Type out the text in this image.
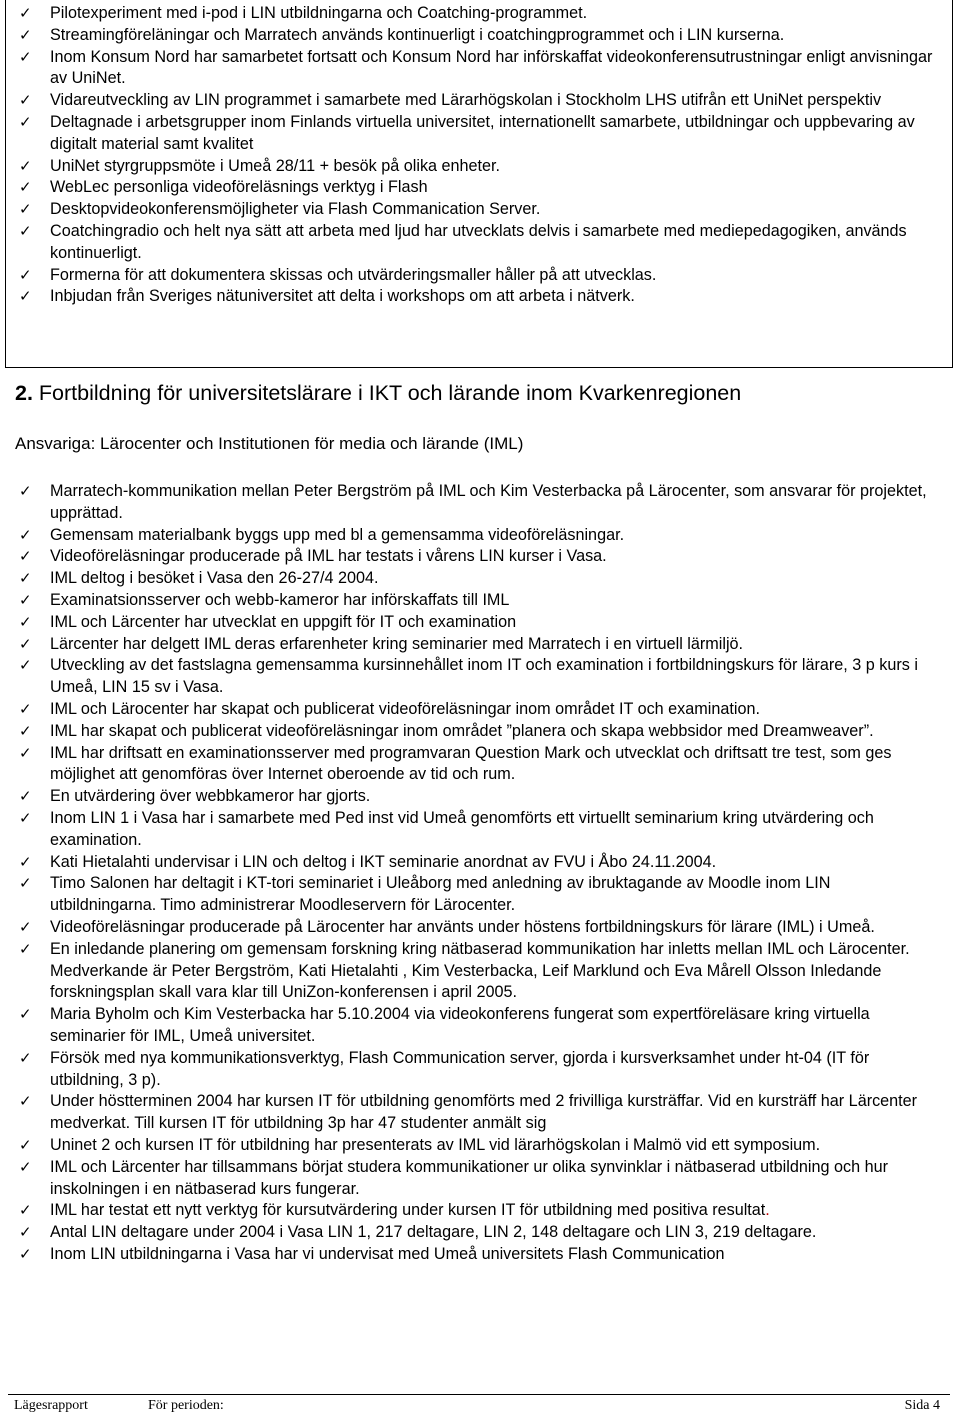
✓ Pilotexperiment med i-pod i LIN utbildningarna och Coatching-programmet.
✓ Streamingföreläningar och Marratech används kontinuerligt i coatchingprogrammet och i LIN kurserna.
✓ Inom Konsum Nord har samarbetet fortsatt och Konsum Nord har införskaffat videokonferensutrustningar enligt anvisningar av UniNet.
✓ Vidareutveckling av LIN programmet i samarbete med Lärarhögskolan i Stockholm LHS utifrån ett UniNet perspektiv
✓ Deltagnade i arbetsgrupper inom Finlands virtuella universitet, internationellt samarbete, utbildningar och uppbevaring av digitalt material samt kvalitet
✓ UniNet styrgruppsmöte i Umeå 28/11 + besök på olika enheter.
✓ WebLec personliga videoföreläsnings verktyg i Flash
✓ Desktopvideokonferensmöjligheter via Flash Commanication Server.
✓ Coatchingradio och helt nya sätt att arbeta med ljud har utvecklats delvis i samarbete med mediepedagogiken, används kontinuerligt.
✓ Formerna för att dokumentera skissas och utvärderingsmaller håller på att utvecklas.
✓ Inbjudan från Sveriges nätuniversitet att delta i workshops om att arbeta i nätverk.
2. Fortbildning för universitetslärare i IKT och lärande inom Kvarkenregionen
Ansvariga: Lärocenter och Institutionen för media och lärande (IML)
✓ Marratech-kommunikation mellan Peter Bergström på IML och Kim Vesterbacka på Lärocenter, som ansvarar för projektet, upprättad.
✓ Gemensam materialbank byggs upp med bl a gemensamma videoföreläsningar.
✓ Videoföreläsningar producerade på IML har testats i vårens LIN kurser i Vasa.
✓ IML deltog i besöket i Vasa den 26-27/4 2004.
✓ Examinatsionsserver och webb-kameror har införskaffats till IML
✓ IML och Lärcenter har utvecklat en uppgift för IT och examination
✓ Lärcenter har delgett IML deras erfarenheter kring seminarier med Marratech i en virtuell lärmiljö.
✓ Utveckling av det fastslagna gemensamma kursinnehållet inom IT och examination i fortbildningskurs för lärare, 3 p kurs i Umeå, LIN 15 sv i Vasa.
✓ IML och Lärocenter har skapat och publicerat videoföreläsningar inom området IT och examination.
✓ IML har skapat och publicerat videoföreläsningar inom området ”planera och skapa webbsidor med Dreamweaver”.
✓ IML har driftsatt en examinationsserver med programvaran Question Mark och utvecklat och driftsatt tre test, som ges möjlighet att genomföras över Internet oberoende av tid och rum.
✓ En utvärdering över webbkameror har gjorts.
✓ Inom LIN 1 i Vasa har i samarbete med Ped inst vid Umeå genomförts ett virtuellt seminarium kring utvärdering och examination.
✓ Kati Hietalahti undervisar i LIN och deltog i IKT seminarie anordnat av FVU i Åbo 24.11.2004.
✓ Timo Salonen har deltagit i KT-tori seminariet i Uleåborg med anledning av ibruktagande av Moodle inom LIN utbildningarna. Timo administrerar Moodleservern för Lärocenter.
✓ Videoföreläsningar producerade på Lärocenter har använts under höstens fortbildningskurs för lärare (IML) i Umeå.
✓ En inledande planering om gemensam forskning kring nätbaserad kommunikation har inletts mellan IML och Lärocenter. Medverkande är Peter Bergström, Kati Hietalahti , Kim Vesterbacka, Leif Marklund och Eva Mårell Olsson Inledande forskningsplan skall vara klar till UniZon-konferensen i april 2005.
✓ Maria Byholm och Kim Vesterbacka har 5.10.2004 via videokonferens fungerat som expertföreläsare kring virtuella seminarier för IML, Umeå universitet.
✓ Försök med nya kommunikationsverktyg, Flash Communication server, gjorda i kursverksamhet under ht-04 (IT för utbildning, 3 p).
✓ Under höstterminen 2004 har kursen IT för utbildning genomförts med 2 frivilliga kursträffar. Vid en kursträff har Lärcenter medverkat. Till kursen IT för utbildning 3p har 47 studenter anmält sig
✓ Uninet 2 och kursen IT för utbildning har presenterats av IML vid lärarhögskolan i Malmö vid ett symposium.
✓ IML och Lärcenter har tillsammans börjat studera kommunikationer ur olika synvinklar i nätbaserad utbildning och hur inskolningen i en nätbaserad kurs fungerar.
✓ IML har testat ett nytt verktyg för kursutvärdering under kursen IT för utbildning med positiva resultat.
✓ Antal LIN deltagare under 2004 i Vasa LIN 1, 217 deltagare, LIN 2, 148 deltagare och LIN 3, 219 deltagare.
✓ Inom LIN utbildningarna i Vasa har vi undervisat med Umeå universitets Flash Communication
Lägesrapport	För perioden:	Sida 4
